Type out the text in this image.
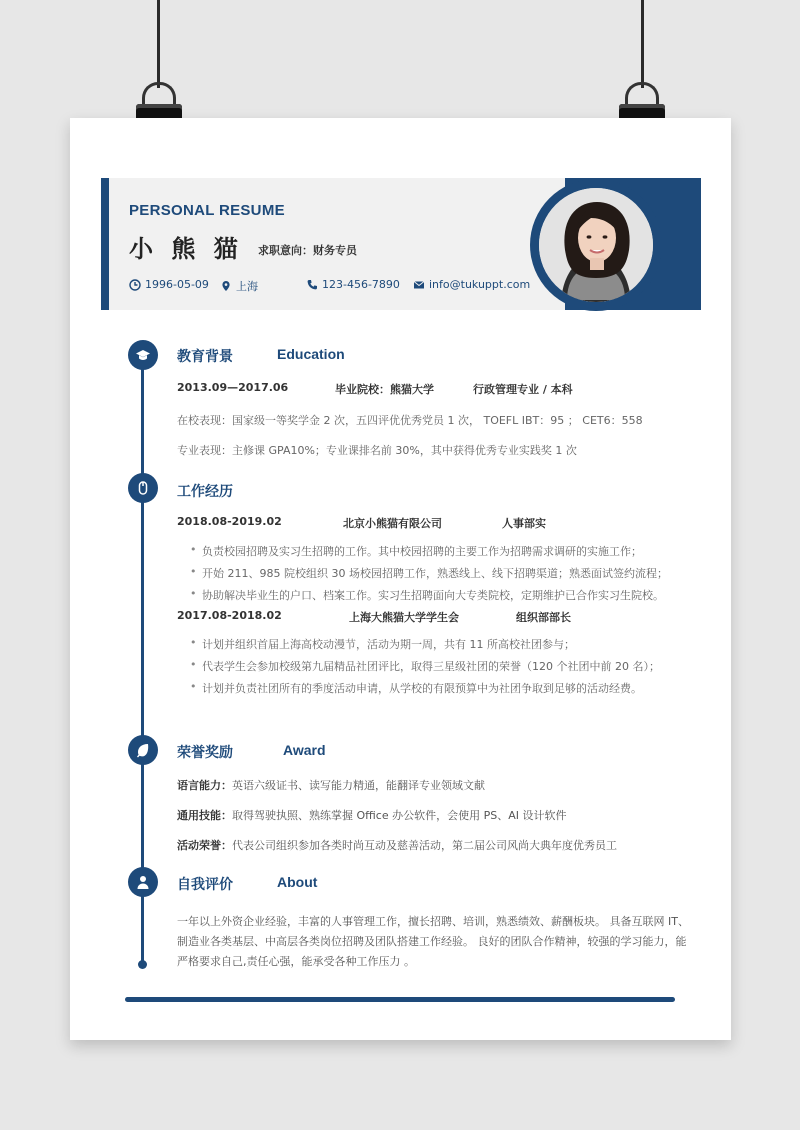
PERSONAL RESUME
小 熊 猫 求职意向：财务专员
1996-05-09 上海	123-456-7890	info@tukuppt.com
教育背景	Education
2013.09—2017.06	毕业院校：熊猫大学	行政管理专业 / 本科
在校表现：国家级一等奖学金 2 次，五四评优优秀党员 1 次， TOEFL IBT：95 ； CET6：558
专业表现：主修课 GPA10%；专业课排名前 30%，其中获得优秀专业实践奖 1 次
工作经历
2018.08-2019.02	北京小熊猫有限公司	人事部实
• 负责校园招聘及实习生招聘的工作。其中校园招聘的主要工作为招聘需求调研的实施工作；
• 开始 211、985 院校组织 30 场校园招聘工作，熟悉线上、线下招聘渠道；熟悉面试签约流程；
• 协助解决毕业生的户口、档案工作。实习生招聘面向大专类院校，定期维护已合作实习生院校。
2017.08-2018.02	上海大熊猫大学学生会	组织部部长
• 计划并组织首届上海高校动漫节，活动为期一周，共有 11 所高校社团参与；
• 代表学生会参加校级第九届精品社团评比，取得三星级社团的荣誉（120 个社团中前 20 名）；
• 计划并负责社团所有的季度活动申请，从学校的有限预算中为社团争取到足够的活动经费。
荣誉奖励	Award
语言能力：英语六级证书、读写能力精通，能翻译专业领域文献
通用技能：取得驾驶执照、熟练掌握 Office 办公软件，会使用 PS、AI 设计软件
活动荣誉：代表公司组织参加各类时尚互动及慈善活动，第二届公司风尚大典年度优秀员工
自我评价	About
一年以上外资企业经验，丰富的人事管理工作，擅长招聘、培训，熟悉绩效、薪酬板块。 具备互联网 IT、
制造业各类基层、中高层各类岗位招聘及团队搭建工作经验。 良好的团队合作精神，较强的学习能力，能
严格要求自己,责任心强，能承受各种工作压力 。
